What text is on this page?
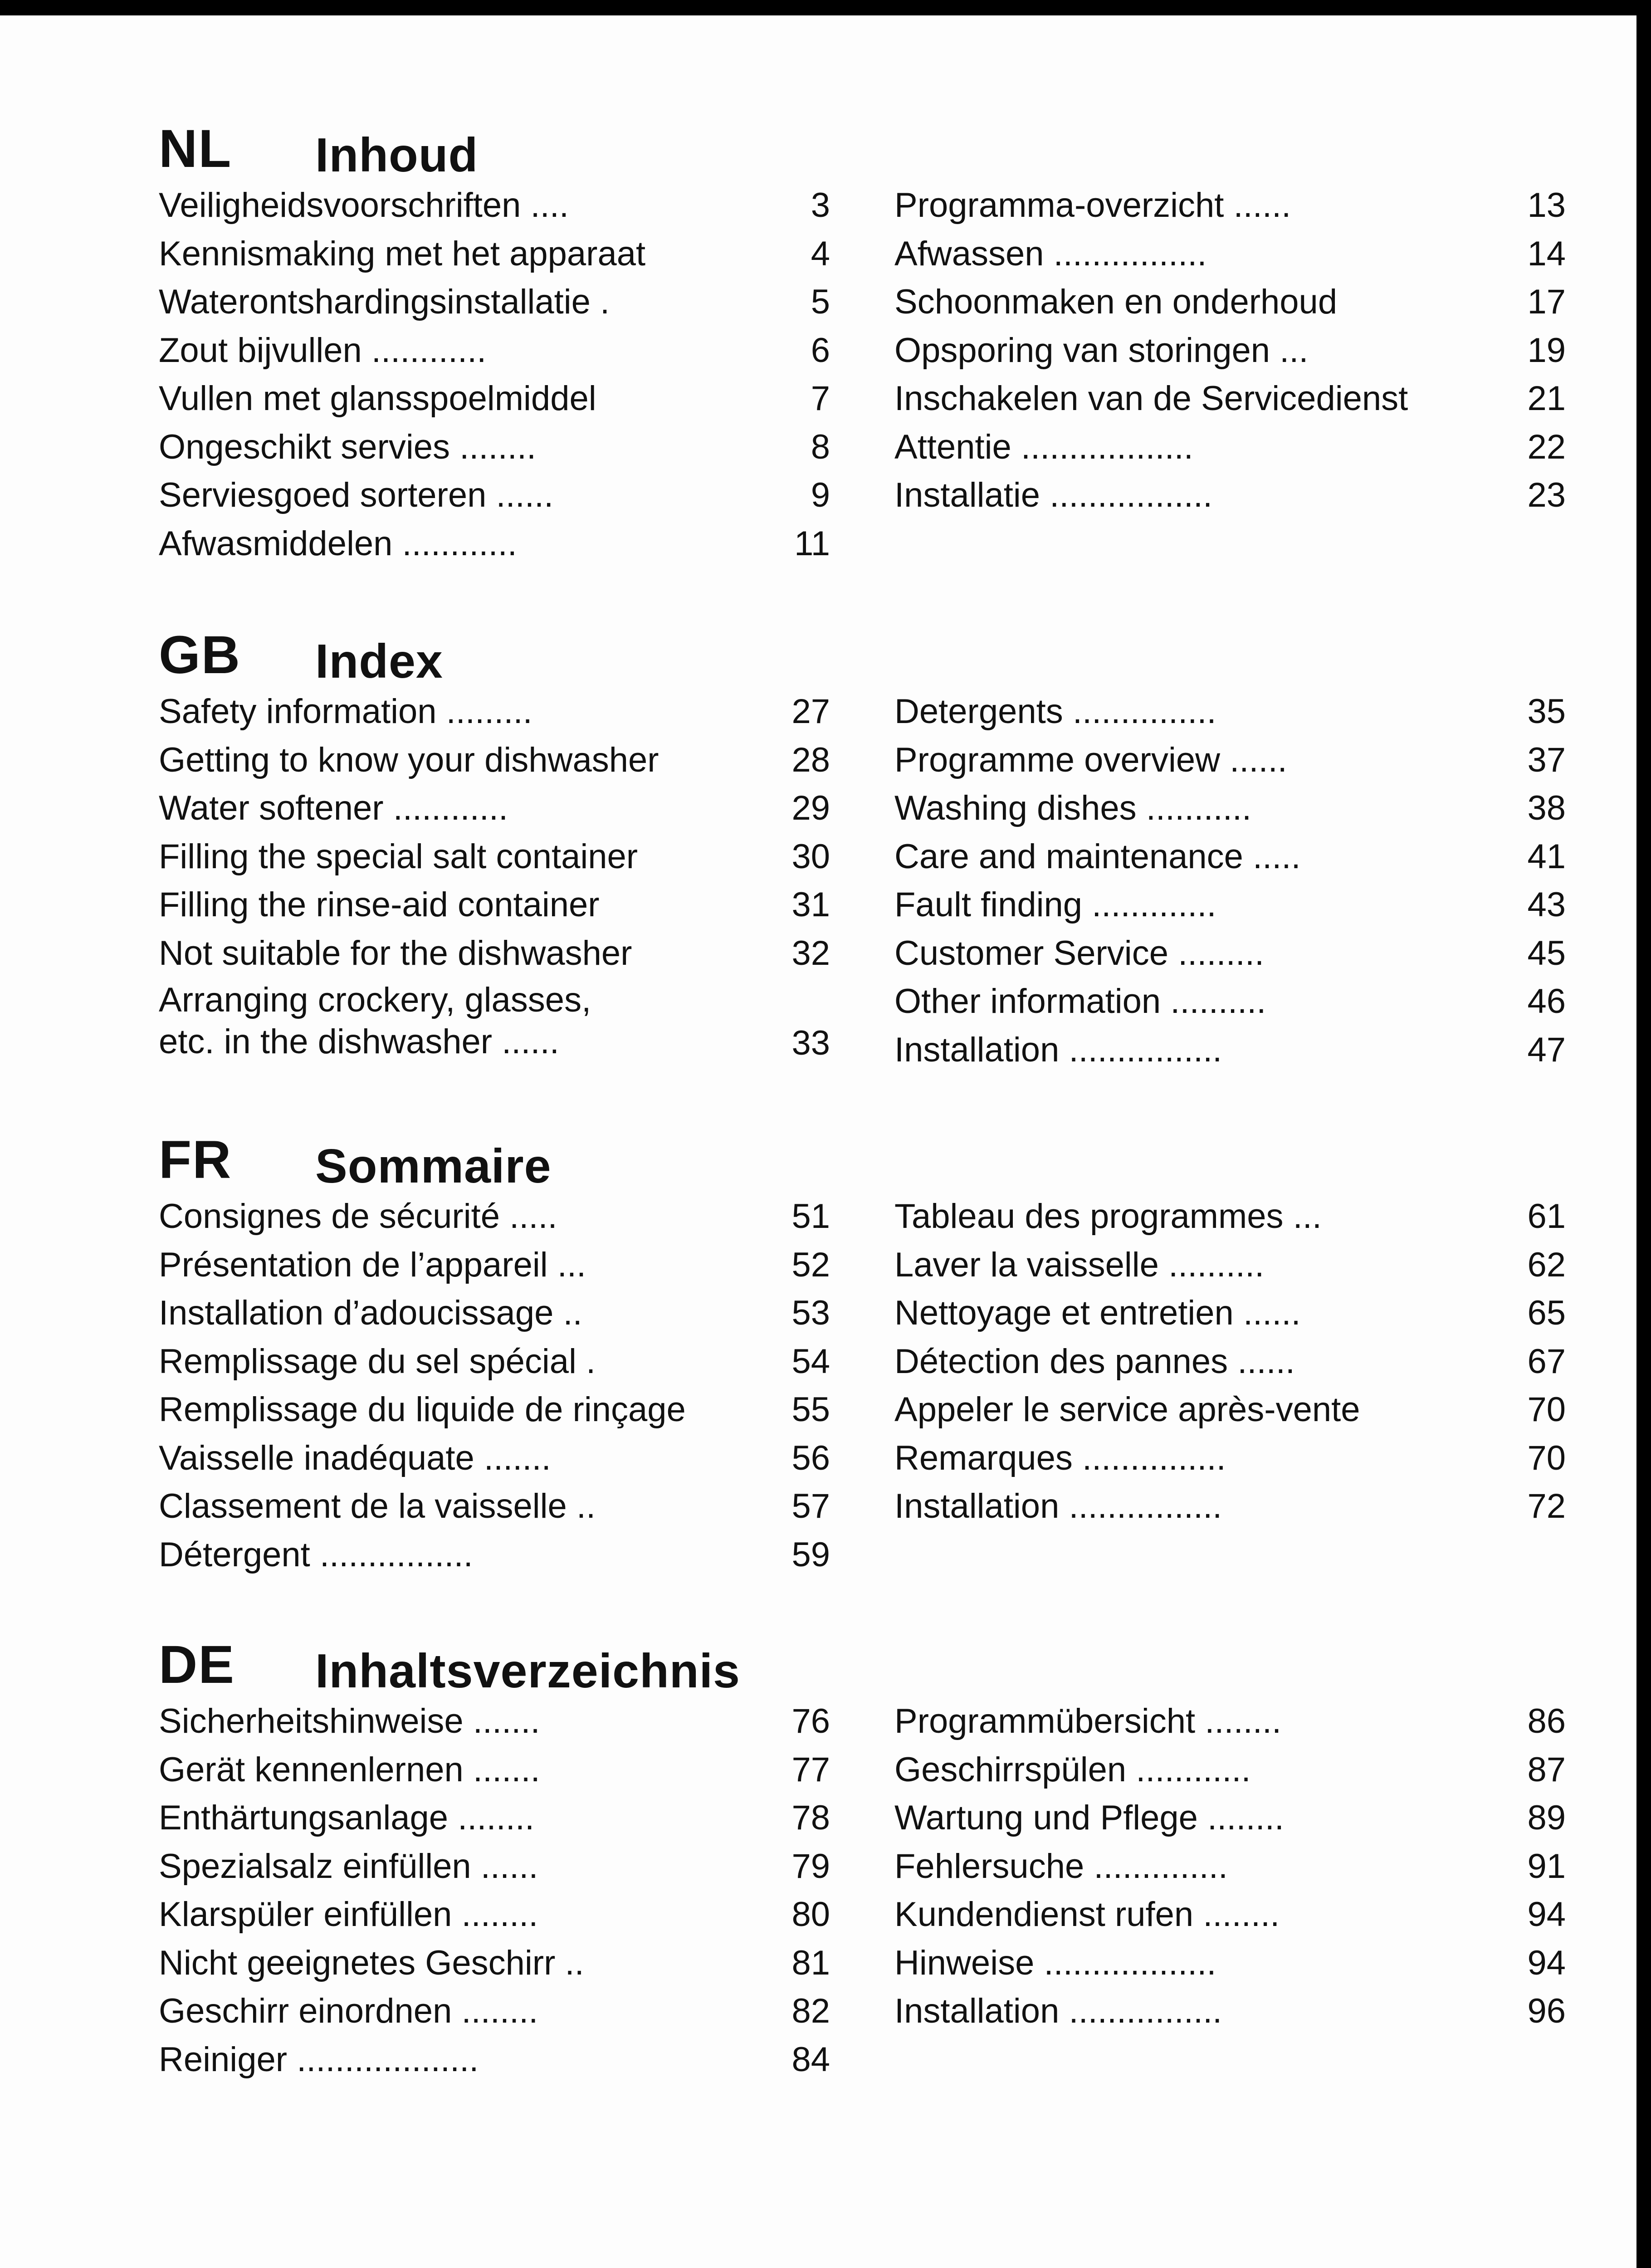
NL Inhoud
Veiligheidsvoorschriften ....	3
Kennismaking met het apparaat	4
Waterontshardingsinstallatie .	5
Zout bijvullen ............	6
Vullen met glansspoelmiddel	7
Ongeschikt servies ........	8
Serviesgoed sorteren ......	9
Afwasmiddelen ............	11
Programma-overzicht ......	13
Afwassen ................	14
Schoonmaken en onderhoud	17
Opsporing van storingen ...	19
Inschakelen van de Servicedienst	21
Attentie ..................	22
Installatie .................	23
GB Index
Safety information .........	27
Getting to know your dishwasher	28
Water softener ............	29
Filling the special salt container	30
Filling the rinse-aid container	31
Not suitable for the dishwasher	32
Arranging crockery, glasses,
etc. in the dishwasher ......	33
Detergents ...............	35
Programme overview ......	37
Washing dishes ...........	38
Care and maintenance .....	41
Fault finding .............	43
Customer Service .........	45
Other information ..........	46
Installation ................	47
FR Sommaire
Consignes de sécurité .....	51
Présentation de l’appareil ...	52
Installation d’adoucissage ..	53
Remplissage du sel spécial .	54
Remplissage du liquide de rinçage	55
Vaisselle inadéquate .......	56
Classement de la vaisselle ..	57
Détergent ................	59
Tableau des programmes ...	61
Laver la vaisselle ..........	62
Nettoyage et entretien ......	65
Détection des pannes ......	67
Appeler le service après-vente	70
Remarques ...............	70
Installation ................	72
DE Inhaltsverzeichnis
Sicherheitshinweise .......	76
Gerät kennenlernen .......	77
Enthärtungsanlage ........	78
Spezialsalz einfüllen ......	79
Klarspüler einfüllen ........	80
Nicht geeignetes Geschirr ..	81
Geschirr einordnen ........	82
Reiniger ...................	84
Programmübersicht ........	86
Geschirrspülen ............	87
Wartung und Pflege ........	89
Fehlersuche ..............	91
Kundendienst rufen ........	94
Hinweise ..................	94
Installation ................	96
